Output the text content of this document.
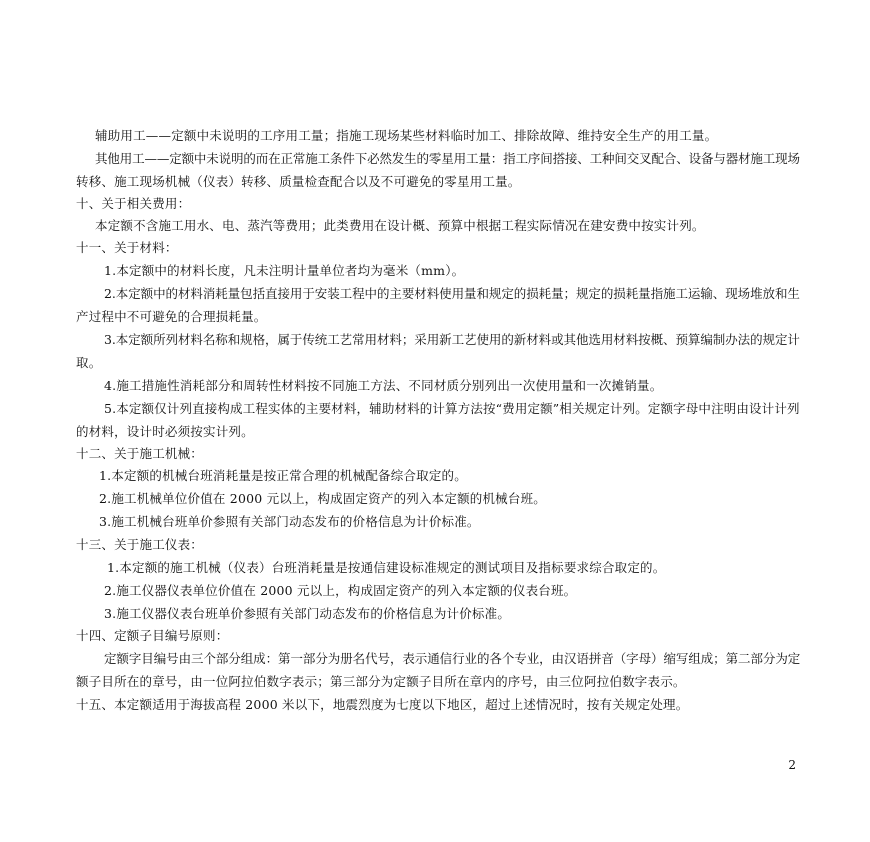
辅助用工——定额中未说明的工序用工量；指施工现场某些材料临时加工、排除故障、维持安全生产的用工量。
其他用工——定额中未说明的而在正常施工条件下必然发生的零星用工量：指工序间搭接、工种间交叉配合、设备与器材施工现场
转移、施工现场机械（仪表）转移、质量检查配合以及不可避免的零星用工量。
十、关于相关费用：
本定额不含施工用水、电、蒸汽等费用；此类费用在设计概、预算中根据工程实际情况在建安费中按实计列。
十一、关于材料：
1.本定额中的材料长度，凡未注明计量单位者均为毫米（mm）。
2.本定额中的材料消耗量包括直接用于安装工程中的主要材料使用量和规定的损耗量；规定的损耗量指施工运输、现场堆放和生
产过程中不可避免的合理损耗量。
3.本定额所列材料名称和规格，属于传统工艺常用材料；采用新工艺使用的新材料或其他选用材料按概、预算编制办法的规定计
取。
4.施工措施性消耗部分和周转性材料按不同施工方法、不同材质分别列出一次使用量和一次摊销量。
5.本定额仅计列直接构成工程实体的主要材料，辅助材料的计算方法按“费用定额”相关规定计列。定额字母中注明由设计计列
的材料，设计时必须按实计列。
十二、关于施工机械：
1.本定额的机械台班消耗量是按正常合理的机械配备综合取定的。
2.施工机械单位价值在 2000 元以上，构成固定资产的列入本定额的机械台班。
3.施工机械台班单价参照有关部门动态发布的价格信息为计价标准。
十三、关于施工仪表：
1.本定额的施工机械（仪表）台班消耗量是按通信建设标准规定的测试项目及指标要求综合取定的。
2.施工仪器仪表单位价值在 2000 元以上，构成固定资产的列入本定额的仪表台班。
3.施工仪器仪表台班单价参照有关部门动态发布的价格信息为计价标准。
十四、定额子目编号原则：
定额字目编号由三个部分组成：第一部分为册名代号，表示通信行业的各个专业，由汉语拼音（字母）缩写组成；第二部分为定
额子目所在的章号，由一位阿拉伯数字表示；第三部分为定额子目所在章内的序号，由三位阿拉伯数字表示。
十五、本定额适用于海拔高程 2000 米以下，地震烈度为七度以下地区，超过上述情况时，按有关规定处理。
2
